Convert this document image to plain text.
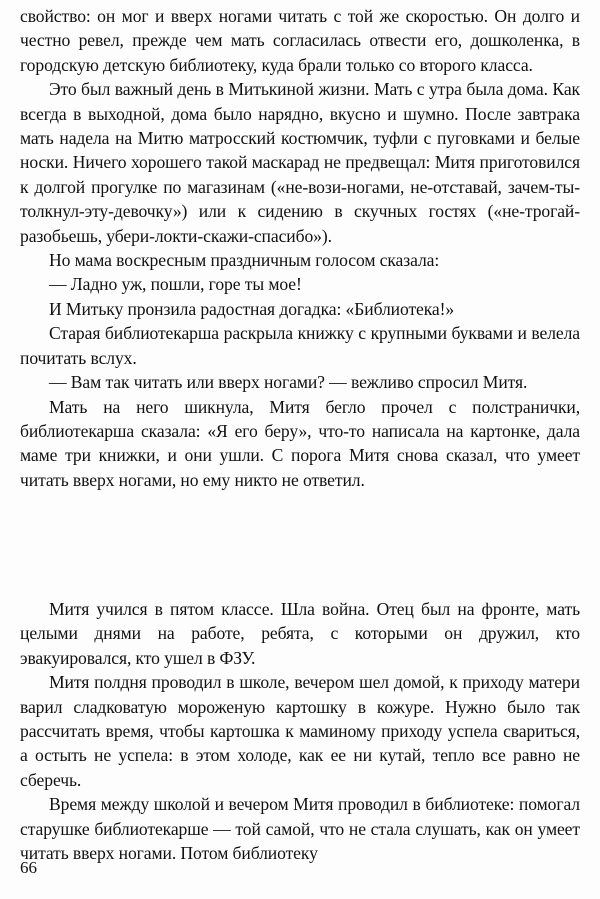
свойство: он мог и вверх ногами читать с той же скоростью. Он долго и честно ревел, прежде чем мать согласилась отвести его, дошколенка, в городскую детскую библиотеку, куда брали только со второго класса.

Это был важный день в Митькиной жизни. Мать с утра была дома. Как всегда в выходной, дома было нарядно, вкусно и шумно. После завтрака мать надела на Митю матросский костюмчик, туфли с пуговками и белые носки. Ничего хорошего такой маскарад не предвещал: Митя приготовился к долгой прогулке по магазинам («не-вози-ногами, не-отставай, зачем-ты-толкнул-эту-девочку») или к сидению в скучных гостях («не-трогай-разобьешь, убери-локти-скажи-спасибо»).

Но мама воскресным праздничным голосом сказала:

— Ладно уж, пошли, горе ты мое!

И Митьку пронзила радостная догадка: «Библиотека!»

Старая библиотекарша раскрыла книжку с крупными буквами и велела почитать вслух.

— Вам так читать или вверх ногами? — вежливо спросил Митя.

Мать на него шикнула, Митя бегло прочел с полстранички, библиотекарша сказала: «Я его беру», что-то написала на картонке, дала маме три книжки, и они ушли. С порога Митя снова сказал, что умеет читать вверх ногами, но ему никто не ответил.

Митя учился в пятом классе. Шла война. Отец был на фронте, мать целыми днями на работе, ребята, с которыми он дружил, кто эвакуировался, кто ушел в ФЗУ.

Митя полдня проводил в школе, вечером шел домой, к приходу матери варил сладковатую мороженую картошку в кожуре. Нужно было так рассчитать время, чтобы картошка к маминому приходу успела свариться, а остыть не успела: в этом холоде, как ее ни кутай, тепло все равно не сберечь.

Время между школой и вечером Митя проводил в библиотеке: помогал старушке библиотекарше — той самой, что не стала слушать, как он умеет читать вверх ногами. Потом библиотеку

66
